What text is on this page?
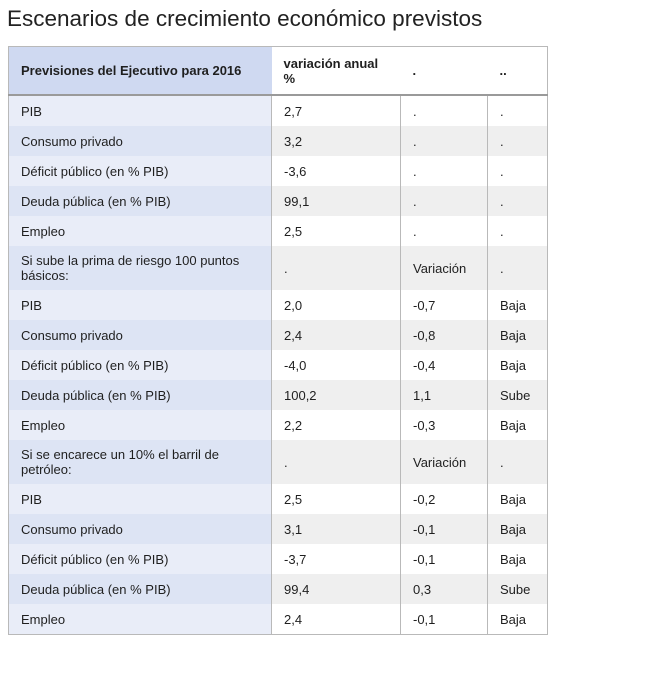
Escenarios de crecimiento económico previstos
Previsiones del Ejecutivo para 2016	variación anual %	.	..
PIB	2,7	.	.
Consumo privado	3,2	.	.
Déficit público (en % PIB)	-3,6	.	.
Deuda pública (en % PIB)	99,1	.	.
Empleo	2,5	.	.
Si sube la prima de riesgo 100 puntos básicos:	.	Variación	.
PIB	2,0	-0,7	Baja
Consumo privado	2,4	-0,8	Baja
Déficit público (en % PIB)	-4,0	-0,4	Baja
Deuda pública (en % PIB)	100,2	1,1	Sube
Empleo	2,2	-0,3	Baja
Si se encarece un 10% el barril de petróleo:	.	Variación	.
PIB	2,5	-0,2	Baja
Consumo privado	3,1	-0,1	Baja
Déficit público (en % PIB)	-3,7	-0,1	Baja
Deuda pública (en % PIB)	99,4	0,3	Sube
Empleo	2,4	-0,1	Baja
